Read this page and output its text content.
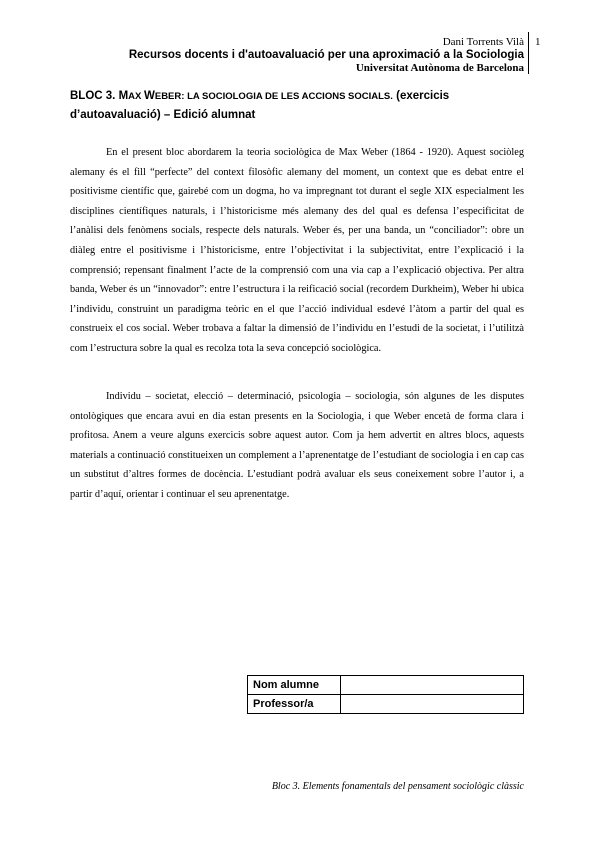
Dani Torrents Vilà
Recursos docents i d'autoavaluació per una aproximació a la Sociologia
Universitat Autònoma de Barcelona
1
BLOC 3. MAX WEBER: LA SOCIOLOGIA DE LES ACCIONS SOCIALS. (exercicis d’autoavaluació) – Edició alumnat

En el present bloc abordarem la teoria sociològica de Max Weber (1864 - 1920). Aquest sociòleg alemany és el fill “perfecte” del context filosòfic alemany del moment, un context que es debat entre el positivisme científic que, gairebé com un dogma, ho va impregnant tot durant el segle XIX especialment les disciplines científiques naturals, i l’historicisme més alemany des del qual es defensa l’especificitat de l’anàlisi dels fenòmens socials, respecte dels naturals. Weber és, per una banda, un “conciliador”: obre un diàleg entre el positivisme i l’historicisme, entre l’objectivitat i la subjectivitat, entre l’explicació i la comprensió; repensant finalment l’acte de la comprensió com una via cap a l’explicació objectiva. Per altra banda, Weber és un “innovador”: entre l’estructura i la reificació social (recordem Durkheim), Weber hi ubica l’individu, construint un paradigma teòric en el que l’acció individual esdevé l’àtom a partir del qual es construeix el cos social. Weber trobava a faltar la dimensió de l’individu en l’estudi de la societat, i l’utilitzà com l’estructura sobre la qual es recolza tota la seva concepció sociològica.

Individu – societat, elecció – determinació, psicologia – sociologia, són algunes de les disputes ontològiques que encara avui en dia estan presents en la Sociologia, i que Weber encetà de forma clara i profitosa. Anem a veure alguns exercicis sobre aquest autor. Com ja hem advertit en altres blocs, aquests materials a continuació constitueixen un complement a l’aprenentatge de l’estudiant de sociologia i en cap cas un substitut d’altres formes de docència. L’estudiant podrà avaluar els seus coneixement sobre l’autor i, a partir d’aquí, orientar i continuar el seu aprenentatge.

Nom alumne	
Professor/a	
Bloc 3. Elements fonamentals del pensament sociològic clàssic
